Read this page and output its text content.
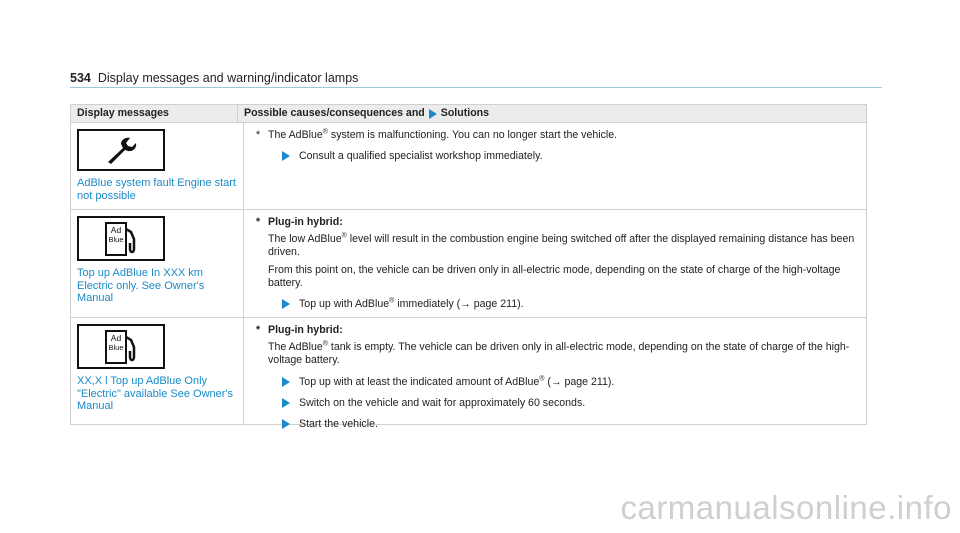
534 Display messages and warning/indicator lamps
Display messages	Possible causes/consequences and Solutions
AdBlue system fault Engine start not possible

* The AdBlue® system is malfunctioning. You can no longer start the vehicle.

Consult a qualified specialist workshop immediately.
Ad
Blue
Top up AdBlue In XXX km Electric only. See Owner's Manual

* Plug-in hybrid:

The low AdBlue® level will result in the combustion engine being switched off after the displayed remaining distance has been driven.

From this point on, the vehicle can be driven only in all-electric mode, depending on the state of charge of the high-voltage battery.

Top up with AdBlue® immediately (→ page 211).
Ad
Blue
XX,X l Top up AdBlue Only "Electric" available See Owner's Manual

* Plug-in hybrid:

The AdBlue® tank is empty. The vehicle can be driven only in all-electric mode, depending on the state of charge of the high-voltage battery.

Top up with at least the indicated amount of AdBlue® (→ page 211).
Switch on the vehicle and wait for approximately 60 seconds.
Start the vehicle.
carmanualsonline.info
